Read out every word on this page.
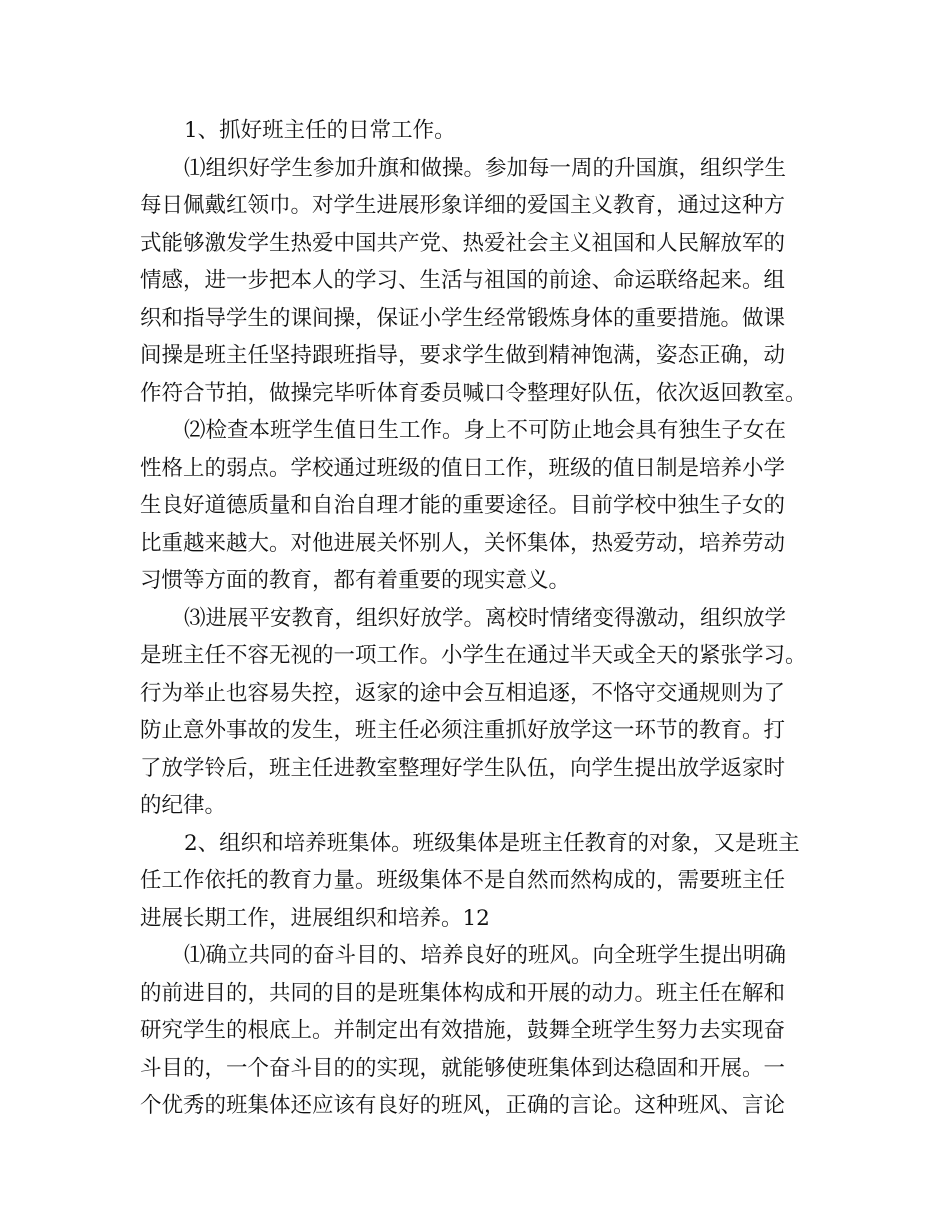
1、抓好班主任的日常工作。
⑴组织好学生参加升旗和做操。参加每一周的升国旗，组织学生
每日佩戴红领巾。对学生进展形象详细的爱国主义教育，通过这种方
式能够激发学生热爱中国共产党、热爱社会主义祖国和人民解放军的
情感，进一步把本人的学习、生活与祖国的前途、命运联络起来。组
织和指导学生的课间操，保证小学生经常锻炼身体的重要措施。做课
间操是班主任坚持跟班指导，要求学生做到精神饱满，姿态正确，动
作符合节拍，做操完毕听体育委员喊口令整理好队伍，依次返回教室。
⑵检查本班学生值日生工作。身上不可防止地会具有独生子女在
性格上的弱点。学校通过班级的值日工作，班级的值日制是培养小学
生良好道德质量和自治自理才能的重要途径。目前学校中独生子女的
比重越来越大。对他进展关怀别人，关怀集体，热爱劳动，培养劳动
习惯等方面的教育，都有着重要的现实意义。
⑶进展平安教育，组织好放学。离校时情绪变得激动，组织放学
是班主任不容无视的一项工作。小学生在通过半天或全天的紧张学习。
行为举止也容易失控，返家的途中会互相追逐，不恪守交通规则为了
防止意外事故的发生，班主任必须注重抓好放学这一环节的教育。打
了放学铃后，班主任进教室整理好学生队伍，向学生提出放学返家时
的纪律。
2、组织和培养班集体。班级集体是班主任教育的对象，又是班主
任工作依托的教育力量。班级集体不是自然而然构成的，需要班主任
进展长期工作，进展组织和培养。12
⑴确立共同的奋斗目的、培养良好的班风。向全班学生提出明确
的前进目的，共同的目的是班集体构成和开展的动力。班主任在解和
研究学生的根底上。并制定出有效措施，鼓舞全班学生努力去实现奋
斗目的，一个奋斗目的的实现，就能够使班集体到达稳固和开展。一
个优秀的班集体还应该有良好的班风，正确的言论。这种班风、言论
